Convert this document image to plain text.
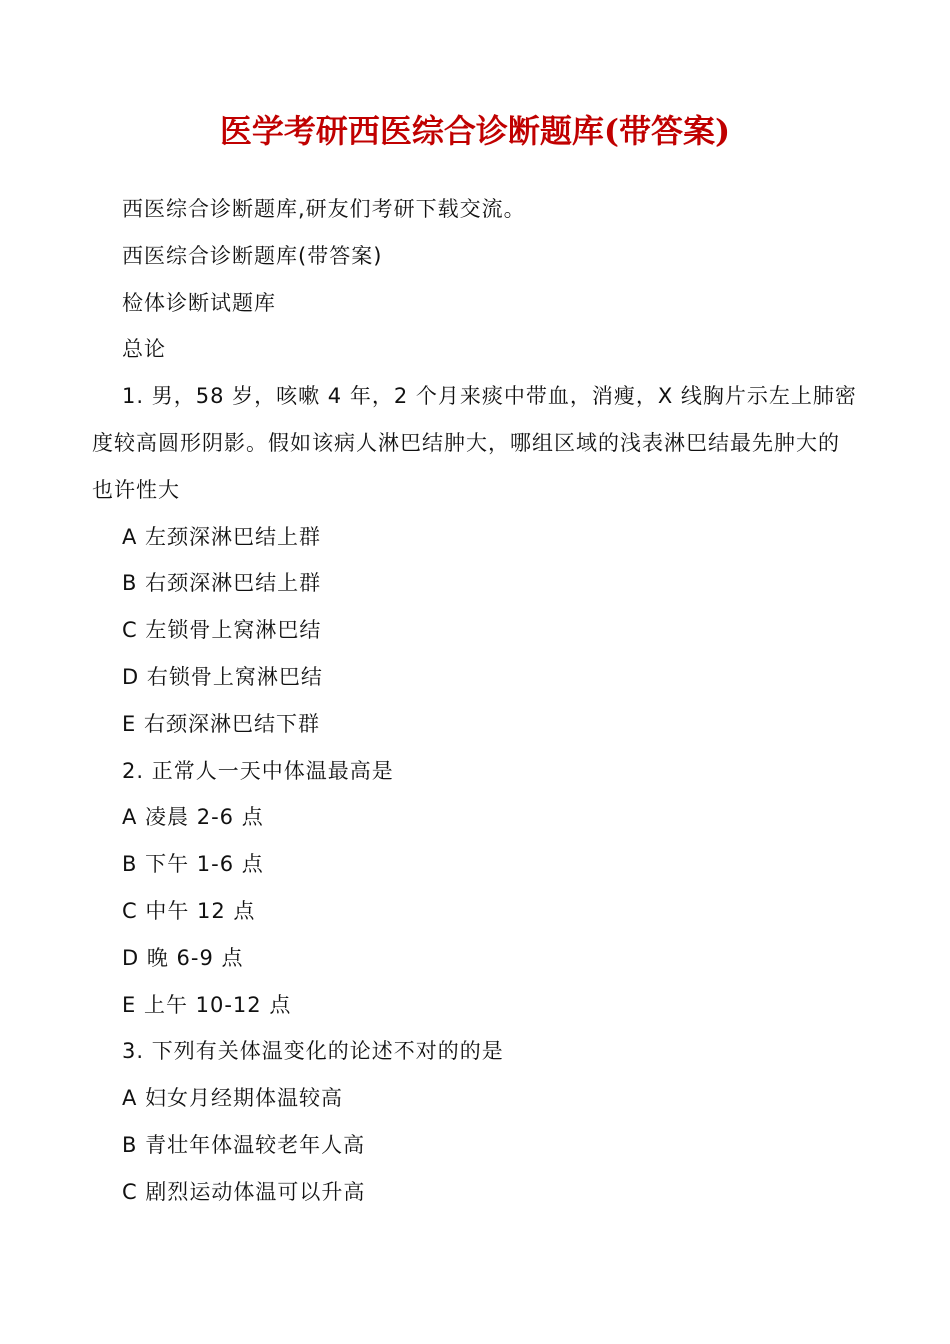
医学考研西医综合诊断题库(带答案)

西医综合诊断题库,研友们考研下载交流。

西医综合诊断题库(带答案)

检体诊断试题库

总论

1. 男，58 岁，咳嗽 4 年，2 个月来痰中带血，消瘦，X 线胸片示左上肺密度较高圆形阴影。假如该病人淋巴结肿大，哪组区域的浅表淋巴结最先肿大的也许性大

A 左颈深淋巴结上群

B 右颈深淋巴结上群

C 左锁骨上窝淋巴结

D 右锁骨上窝淋巴结

E 右颈深淋巴结下群

2. 正常人一天中体温最高是

A 凌晨 2-6 点

B 下午 1-6 点

C 中午 12 点

D 晚 6-9 点

E 上午 10-12 点

3. 下列有关体温变化的论述不对的的是

A 妇女月经期体温较高

B 青壮年体温较老年人高

C 剧烈运动体温可以升高
